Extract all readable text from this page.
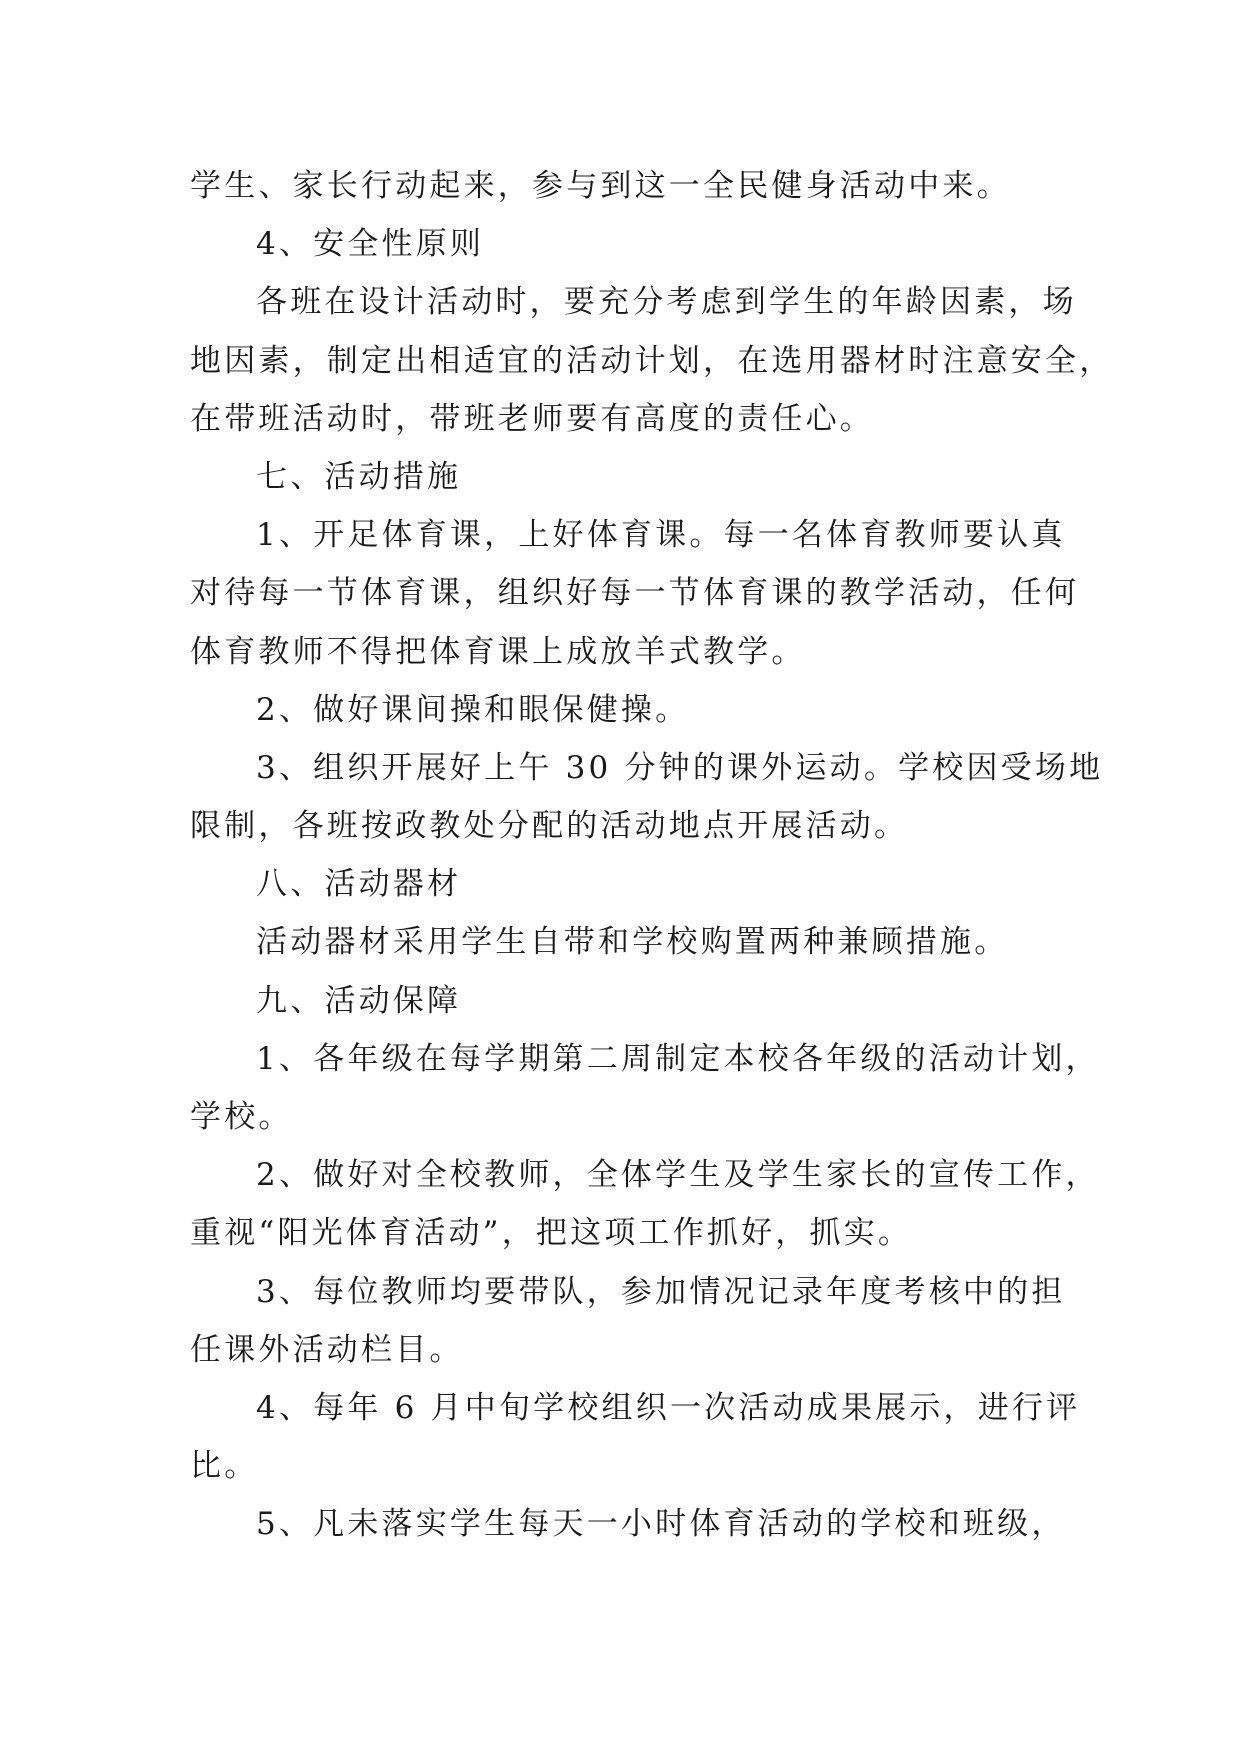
学生、家长行动起来，参与到这一全民健身活动中来。
4、安全性原则
各班在设计活动时，要充分考虑到学生的年龄因素，场
地因素，制定出相适宜的活动计划，在选用器材时注意安全，
在带班活动时，带班老师要有高度的责任心。
七、活动措施
1、开足体育课，上好体育课。每一名体育教师要认真
对待每一节体育课，组织好每一节体育课的教学活动，任何
体育教师不得把体育课上成放羊式教学。
2、做好课间操和眼保健操。
3、组织开展好上午 30 分钟的课外运动。学校因受场地
限制，各班按政教处分配的活动地点开展活动。
八、活动器材
活动器材采用学生自带和学校购置两种兼顾措施。
九、活动保障
1、各年级在每学期第二周制定本校各年级的活动计划，
学校。
2、做好对全校教师，全体学生及学生家长的宣传工作，
重视“阳光体育活动”，把这项工作抓好，抓实。
3、每位教师均要带队，参加情况记录年度考核中的担
任课外活动栏目。
4、每年 6 月中旬学校组织一次活动成果展示，进行评
比。
5、凡未落实学生每天一小时体育活动的学校和班级，
